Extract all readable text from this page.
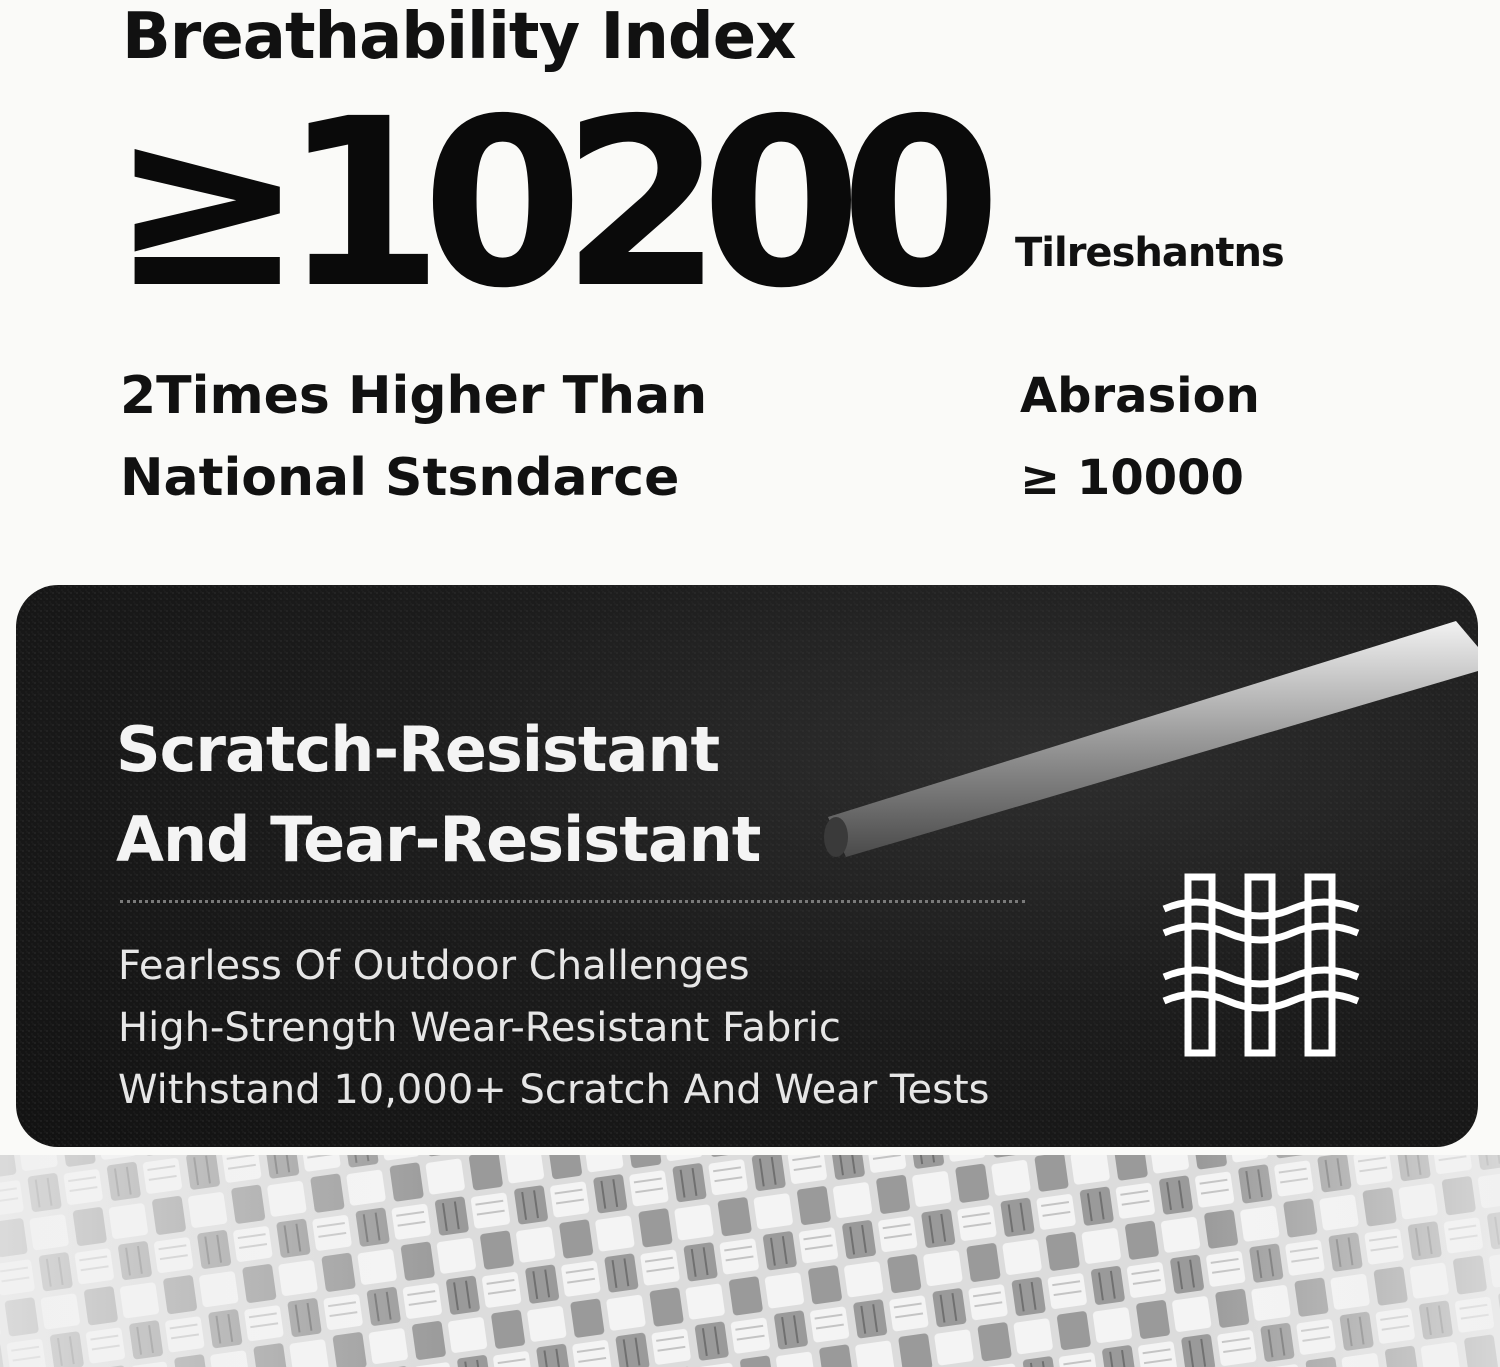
Breathability Index
≥10200 Tilreshantns
2Times Higher Than
National Stsndarce
Abrasion
≥ 10000
Scratch-Resistant
And Tear-Resistant
Fearless Of Outdoor Challenges
High-Strength Wear-Resistant Fabric
Withstand 10,000+ Scratch And Wear Tests
